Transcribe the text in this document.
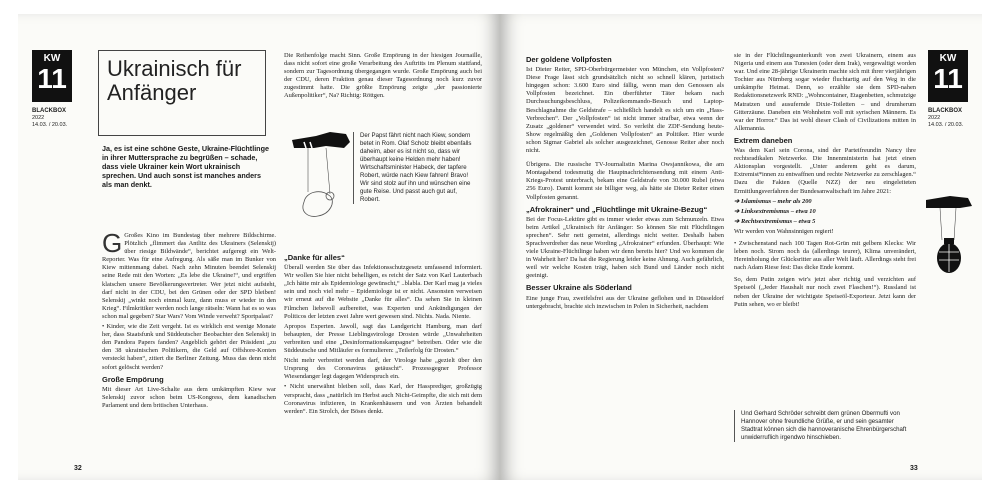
KW
11
BLACKBOX
2022
14.03. / 20.03.
Ukrainisch für Anfänger
Ja, es ist eine schöne Geste, Ukraine-Flüchtlinge in ihrer Muttersprache zu begrüßen – schade, dass viele Ukrainer kein Wort ukrainisch sprechen. Und auch sonst ist manches anders als man denkt.
Der Papst fährt nicht nach Kiew, sondern betet in Rom. Olaf Scholz bleibt ebenfalls daheim, aber es ist nicht so, dass wir überhaupt keine Helden mehr haben! Wirtschaftsminister Habeck, der tapfere Robert, würde nach Kiew fahren! Bravo! Wir sind stolz auf ihn und wünschen eine gute Reise. Und passt auch gut auf, Robert.

G Großes Kino im Bundestag über mehrere Bildschirme. Plötzlich „flimmert das Antlitz des Ukrainers (Selenskij) über riesige Bildwände“, berichtet aufgeregt ein Welt-Reporter. Was für eine Aufregung. Als säße man im Bunker von Kiew mittenmang dabei. Nach zehn Minuten beendet Selenskij seine Rede mit den Worten: „Es lebe die Ukraine!“, und ergriffen klatschen unsere Bevölkerungsvertreter. Wer jetzt nicht aufsteht, darf nicht in der CDU, bei den Grünen oder der SPD bleiben! Selenskij „winkt noch einmal kurz, dann muss er wieder in den Krieg“. Filmkritiker werden noch lange rätseln: Wann hat es so was schon mal gegeben? Star Wars? Vom Winde verweht? Sportpalast?

• Kinder, wie die Zeit vergeht. Ist es wirklich erst wenige Monate her, dass Staatsfunk und Süddeutscher Beobachter den Selenskij in den Pandora Papers fanden? Angeblich gehört der Präsident „zu den 38 ukrainischen Politikern, die Geld auf Offshore-Konten versteckt haben“, zitiert die Berliner Zeitung. Muss das denn nicht sofort gelöscht werden?

Große Empörung

Mit dieser Art Live-Schalte aus dem umkämpften Kiew war Selenskij zuvor schon beim US-Kongress, dem kanadischen Parlament und dem britischen Unterhaus.

Die Reihenfolge macht Sinn. Große Empörung in der hiesigen Journaille, dass nicht sofort eine große Verarbeitung des Auftritts im Plenum stattfand, sondern zur Tagesordnung übergegangen wurde. Große Empörung auch bei der CDU, deren Fraktion genau dieser Tagesordnung noch kurz zuvor zugestimmt hatte. Die größte Empörung zeigte „der passionierte Außenpolitiker“, Na? Richtig: Röttgen.

„Danke für alles“

Überall werden Sie über das Infektionsschutzgesetz umfassend informiert. Wir wollen Sie hier nicht behelligen, es reicht der Satz von Karl Lauterbach „Ich hätte mir als Epidemiologe gewünscht,“ ..blabla. Der Karl mag ja vieles sein und noch viel mehr – Epidemiologe ist er nicht. Ansonsten verweisen wir erneut auf die Website „Danke für alles“. Da sehen Sie in kleinen Filmchen liebevoll aufbereitet, was Experten und Ankündigungen der Politicos der letzten zwei Jahre wert gewesen sind. Nichts. Nada. Niente.

Apropos Experten. Jawoll, sagt das Landgericht Hamburg, man darf behaupten, der Presse Lieblingsvirologe Drosten würde „Unwahrheiten verbreiten und eine „Desinformationskampagne“ betreiben. Oder wie die Süddeutsche und Mitläufer es formulieren: „Teilerfolg für Drosten.“

Nicht mehr verbreitet werden darf, der Virologe habe „gezielt über den Ursprung des Coronavirus getäuscht“. Prozessgegner Professor Wiesendanger legt dagegen Widerspruch ein.

• Nicht unerwähnt bleiben soll, dass Karl, der Hassprediger, großzügig verspracht, dass „natürlich im Herbst auch Nicht-Geimpfte, die sich mit dem Coronavirus infizieren, in Krankenhäusern und von Ärzten behandelt werden“. Ein Strolch, der Böses denkt.

32
Der goldene Vollpfosten

Ist Dieter Reiter, SPD-Oberbürgermeister von München, ein Vollpfosten? Diese Frage lässt sich grundsätzlich nicht so schnell klären, juristisch hingegen schon: 3.600 Euro sind fällig, wenn man den Genossen als Vollpfosten bezeichnet. Ein überführter Täter bekam nach Durchsuchungsbeschluss, Polizeikommando-Besuch und Laptop-Beschlagnahme die Geldstrafe – schließlich handelt es sich um ein „Hass-Verbrechen“. Der „Vollpfosten“ ist nicht immer strafbar, etwa wenn der Zusatz „goldener“ verwendet wird. So verleiht die ZDF-Sendung heute-Show regelmäßig den „Goldenen Vollpfosten“ an Politiker. Hier wurde schon Sigmar Gabriel als solcher ausgezeichnet, Genosse Reiter aber noch nicht.

Übrigens. Die russische TV-Journalistin Marina Owsjannikowa, die am Montagabend todesmutig die Hauptnachrichtensendung mit einem Anti-Kriegs-Protest unterbrach, bekam eine Geldstrafe von 30.000 Rubel (etwa 256 Euro). Damit kommt sie billiger weg, als hätte sie Dieter Reiter einen Vollpfosten genannt.

„Afrokrainer“ und „Flüchtlinge mit Ukraine-Bezug“

Bei der Focus-Lektüre gibt es immer wieder etwas zum Schmunzeln. Etwa beim Artikel „Ukrainisch für Anfänger: So können Sie mit Flüchtlingen sprechen“. Sehr nett gemeint, allerdings nicht weiter. Deshalb haben Sprachverdreher das neue Wording „Afrokrainer“ erfunden. Überhaupt: Wie viele Ukraine-Flüchtlinge haben wir denn bereits hier? Und wo kommen die in Wahrheit her? Da hat die Regierung leider keine Ahnung. Auch gefährlich, weil wir welche Kosten trägt, haben sich Bund und Länder noch nicht geeinigt.

Besser Ukraine als Söderland

Eine junge Frau, zweifelsfrei aus der Ukraine geflohen und in Düsseldorf untergebracht, brachte sich inzwischen in Polen in Sicherheit, nachdem

sie in der Flüchtlingsunterkunft von zwei Ukrainern, einem aus Nigeria und einem aus Tunesien (oder dem Irak), vergewaltigt worden war. Und eine 28-jährige Ukrainerin machte sich mit ihrer vierjährigen Tochter aus Nürnberg sogar wieder fluchtartig auf den Weg in die umkämpfte Heimat. Denn, so erzählte sie dem SPD-nahen Redaktionsnetzwerk RND: „Wohncontainer, Etagenbetten, schmutzige Matratzen und ausufernde Dixie-Toiletten – und drumherum Gitterzäune. Daneben ein Wohnheim voll mit syrischen Männern. Es war der Horror.“ Das ist wohl dieser Clash of Civilizations mitten in Allemannia.

Extrem daneben

Was dem Karl sein Corona, sind der Parteifreundin Nancy ihre rechtsradikalen Netzwerke. Die Innenministerin hat jetzt einen Aktionsplan vorgestellt. „Unter anderem geht es darum, Extremist*innen zu entwaffnen und rechte Netzwerke zu zerschlagen.“ Dazu die Fakten (Quelle NZZ) der neu eingeleiteten Ermittlungsverfahren der Bundesanwaltschaft im Jahre 2021:

➔ Islamismus – mehr als 200

➔ Linksextremismus – etwa 10

➔ Rechtsextremismus – etwa 5

Wir werden von Wahnsinnigen regiert!

• Zwischenstand nach 100 Tagen Rot-Grün mit gelbem Klecks: Wir leben noch. Strom noch da (allerdings teurer), Klima unverändert, Hereinholung der Glücksritter aus aller Welt läuft. Allerdings steht frei nach Adam Riese fest: Das dicke Ende kommt.

So, dem Putin zeigen wir's jetzt aber richtig und verzichten auf Speiseöl („Jeder Haushalt nur noch zwei Flaschen!“). Russland ist neben der Ukraine der wichtigste Speiseöl-Exporteur. Jetzt kann der Putin sehen, wo er bleibt!

Und Gerhard Schröder schreibt dem grünen Obermufti von Hannover ohne freundliche Grüße, er und sein gesamter Stadtrat können sich die hannoveranische Ehrenbürgerschaft unwiderruflich irgendwo hinschieben.
KW
11
BLACKBOX
2022
14.03. / 20.03.
33
